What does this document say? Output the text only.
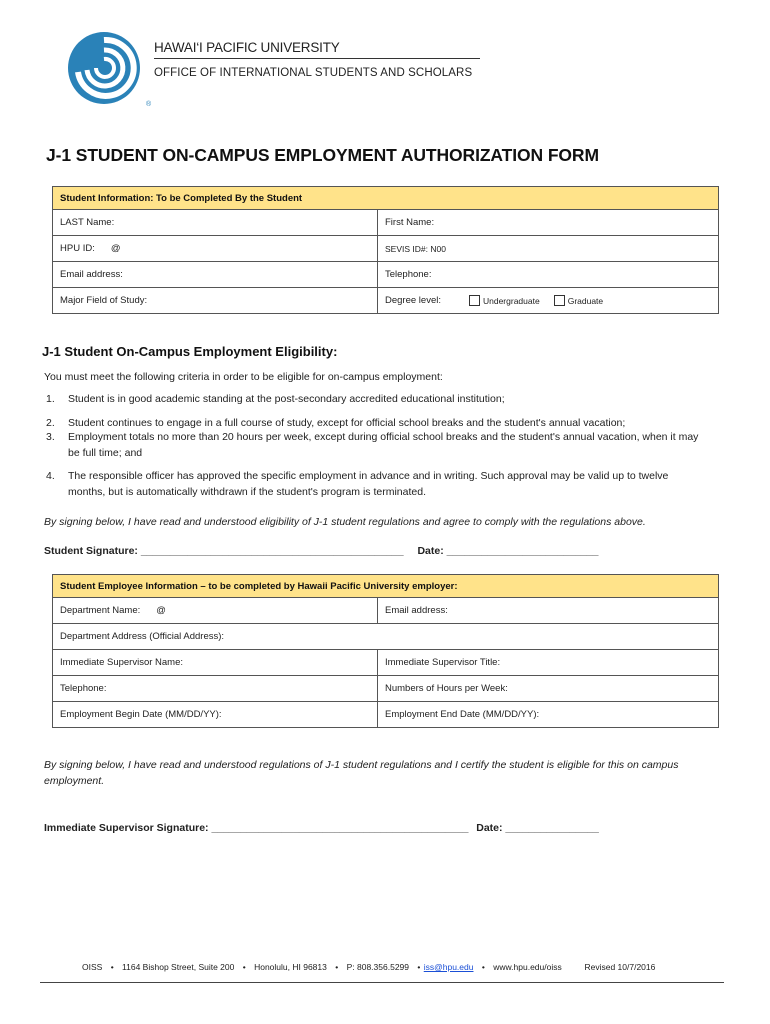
®
HAWAI‘I PACIFIC UNIVERSITY
OFFICE OF INTERNATIONAL STUDENTS AND SCHOLARS
J-1 STUDENT ON-CAMPUS EMPLOYMENT AUTHORIZATION FORM
Student Information: To be Completed By the Student
LAST Name:	First Name:
HPU ID: @	SEVIS ID#: N00
Email address:	Telephone:
Major Field of Study:	Degree level:	Undergraduate	Graduate
J-1 Student On-Campus Employment Eligibility:
You must meet the following criteria in order to be eligible for on-campus employment:
1. Student is in good academic standing at the post-secondary accredited educational institution;
2. Student continues to engage in a full course of study, except for official school breaks and the student's annual vacation;
3. Employment totals no more than 20 hours per week, except during official school breaks and the student's annual vacation, when it may be full time; and
4. The responsible officer has approved the specific employment in advance and in writing. Such approval may be valid up to twelve months, but is automatically withdrawn if the student's program is terminated.
By signing below, I have read and understood eligibility of J-1 student regulations and agree to comply with the regulations above.
Student Signature: _____________________________________________ Date: __________________________
Student Employee Information – to be completed by Hawaii Pacific University employer:
Department Name: @	Email address:
Department Address (Official Address):
Immediate Supervisor Name:	Immediate Supervisor Title:
Telephone:	Numbers of Hours per Week:
Employment Begin Date (MM/DD/YY):	Employment End Date (MM/DD/YY):
By signing below, I have read and understood regulations of J-1 student regulations and I certify the student is eligible for this on campus employment.
Immediate Supervisor Signature: ____________________________________________ Date: ________________
OISS • 1164 Bishop Street, Suite 200 • Honolulu, HI 96813 • P: 808.356.5299 • iss@hpu.edu • www.hpu.edu/oiss	Revised 10/7/2016
